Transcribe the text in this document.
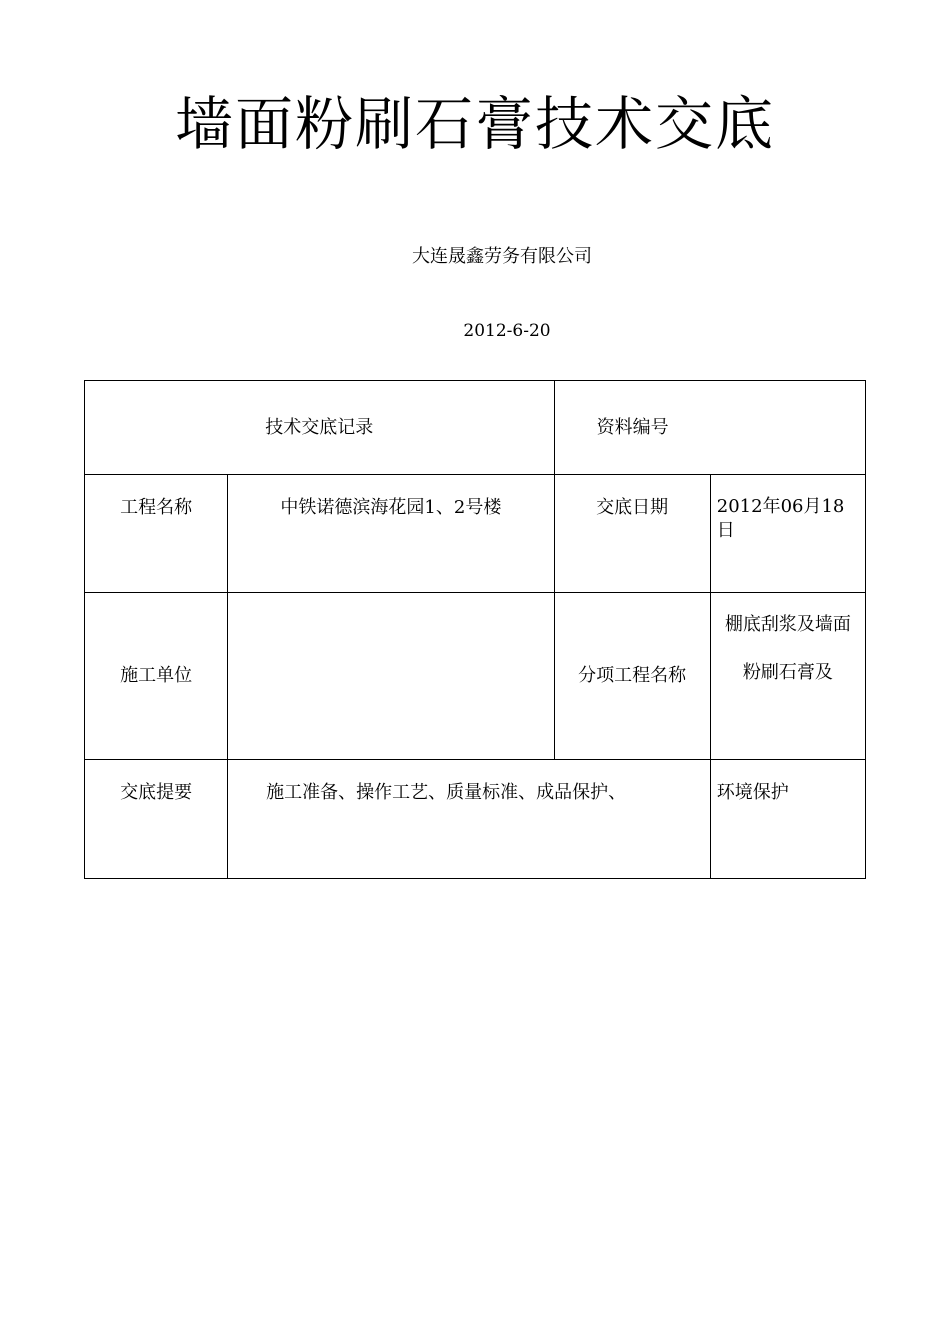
墙面粉刷石膏技术交底
大连晟鑫劳务有限公司
2012-6-20
技术交底记录		资料编号	

工程名称	中铁诺德滨海花园1、2号楼	交底日期	2012年06月18日
施工单位		分项工程名称	棚底刮浆及墙面
粉刷石膏及

交底提要	施工准备、操作工艺、质量标准、成品保护、		环境保护
